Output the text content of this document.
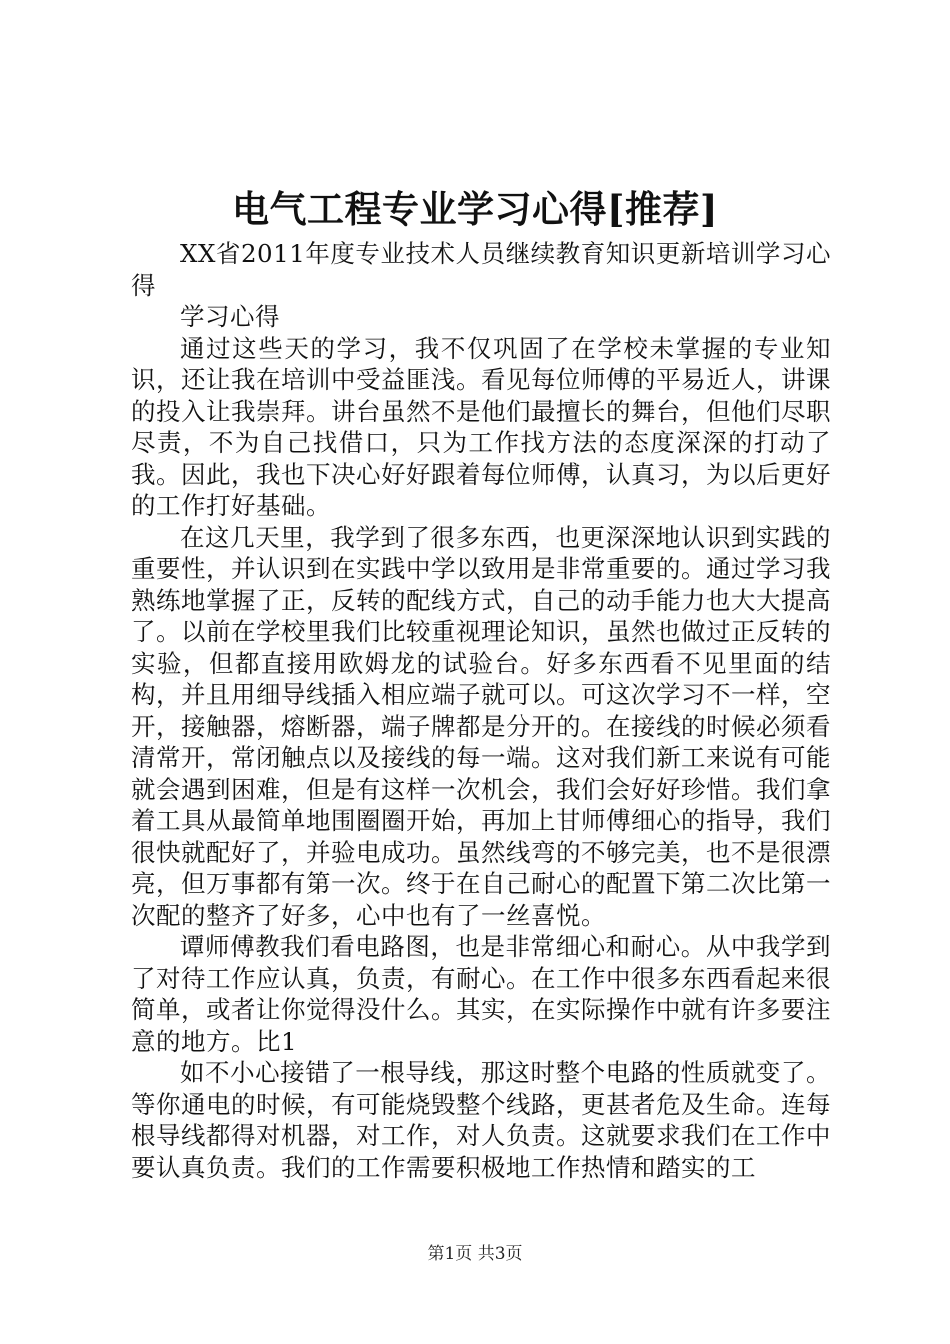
电气工程专业学习心得[推荐]

XX省2011年度专业技术人员继续教育知识更新培训学习心得

学习心得

通过这些天的学习，我不仅巩固了在学校未掌握的专业知识，还让我在培训中受益匪浅。看见每位师傅的平易近人，讲课的投入让我崇拜。讲台虽然不是他们最擅长的舞台，但他们尽职尽责，不为自己找借口，只为工作找方法的态度深深的打动了我。因此，我也下决心好好跟着每位师傅，认真习，为以后更好的工作打好基础。

在这几天里，我学到了很多东西，也更深深地认识到实践的重要性，并认识到在实践中学以致用是非常重要的。通过学习我熟练地掌握了正，反转的配线方式，自己的动手能力也大大提高了。以前在学校里我们比较重视理论知识，虽然也做过正反转的实验，但都直接用欧姆龙的试验台。好多东西看不见里面的结构，并且用细导线插入相应端子就可以。可这次学习不一样，空开，接触器，熔断器，端子牌都是分开的。在接线的时候必须看清常开，常闭触点以及接线的每一端。这对我们新工来说有可能就会遇到困难，但是有这样一次机会，我们会好好珍惜。我们拿着工具从最简单地围圈圈开始，再加上甘师傅细心的指导，我们很快就配好了，并验电成功。虽然线弯的不够完美，也不是很漂亮，但万事都有第一次。终于在自己耐心的配置下第二次比第一次配的整齐了好多，心中也有了一丝喜悦。

谭师傅教我们看电路图，也是非常细心和耐心。从中我学到了对待工作应认真，负责，有耐心。在工作中很多东西看起来很简单，或者让你觉得没什么。其实，在实际操作中就有许多要注意的地方。比1

如不小心接错了一根导线，那这时整个电路的性质就变了。等你通电的时候，有可能烧毁整个线路，更甚者危及生命。连每根导线都得对机器，对工作，对人负责。这就要求我们在工作中要认真负责。我们的工作需要积极地工作热情和踏实的工

第1页 共3页
